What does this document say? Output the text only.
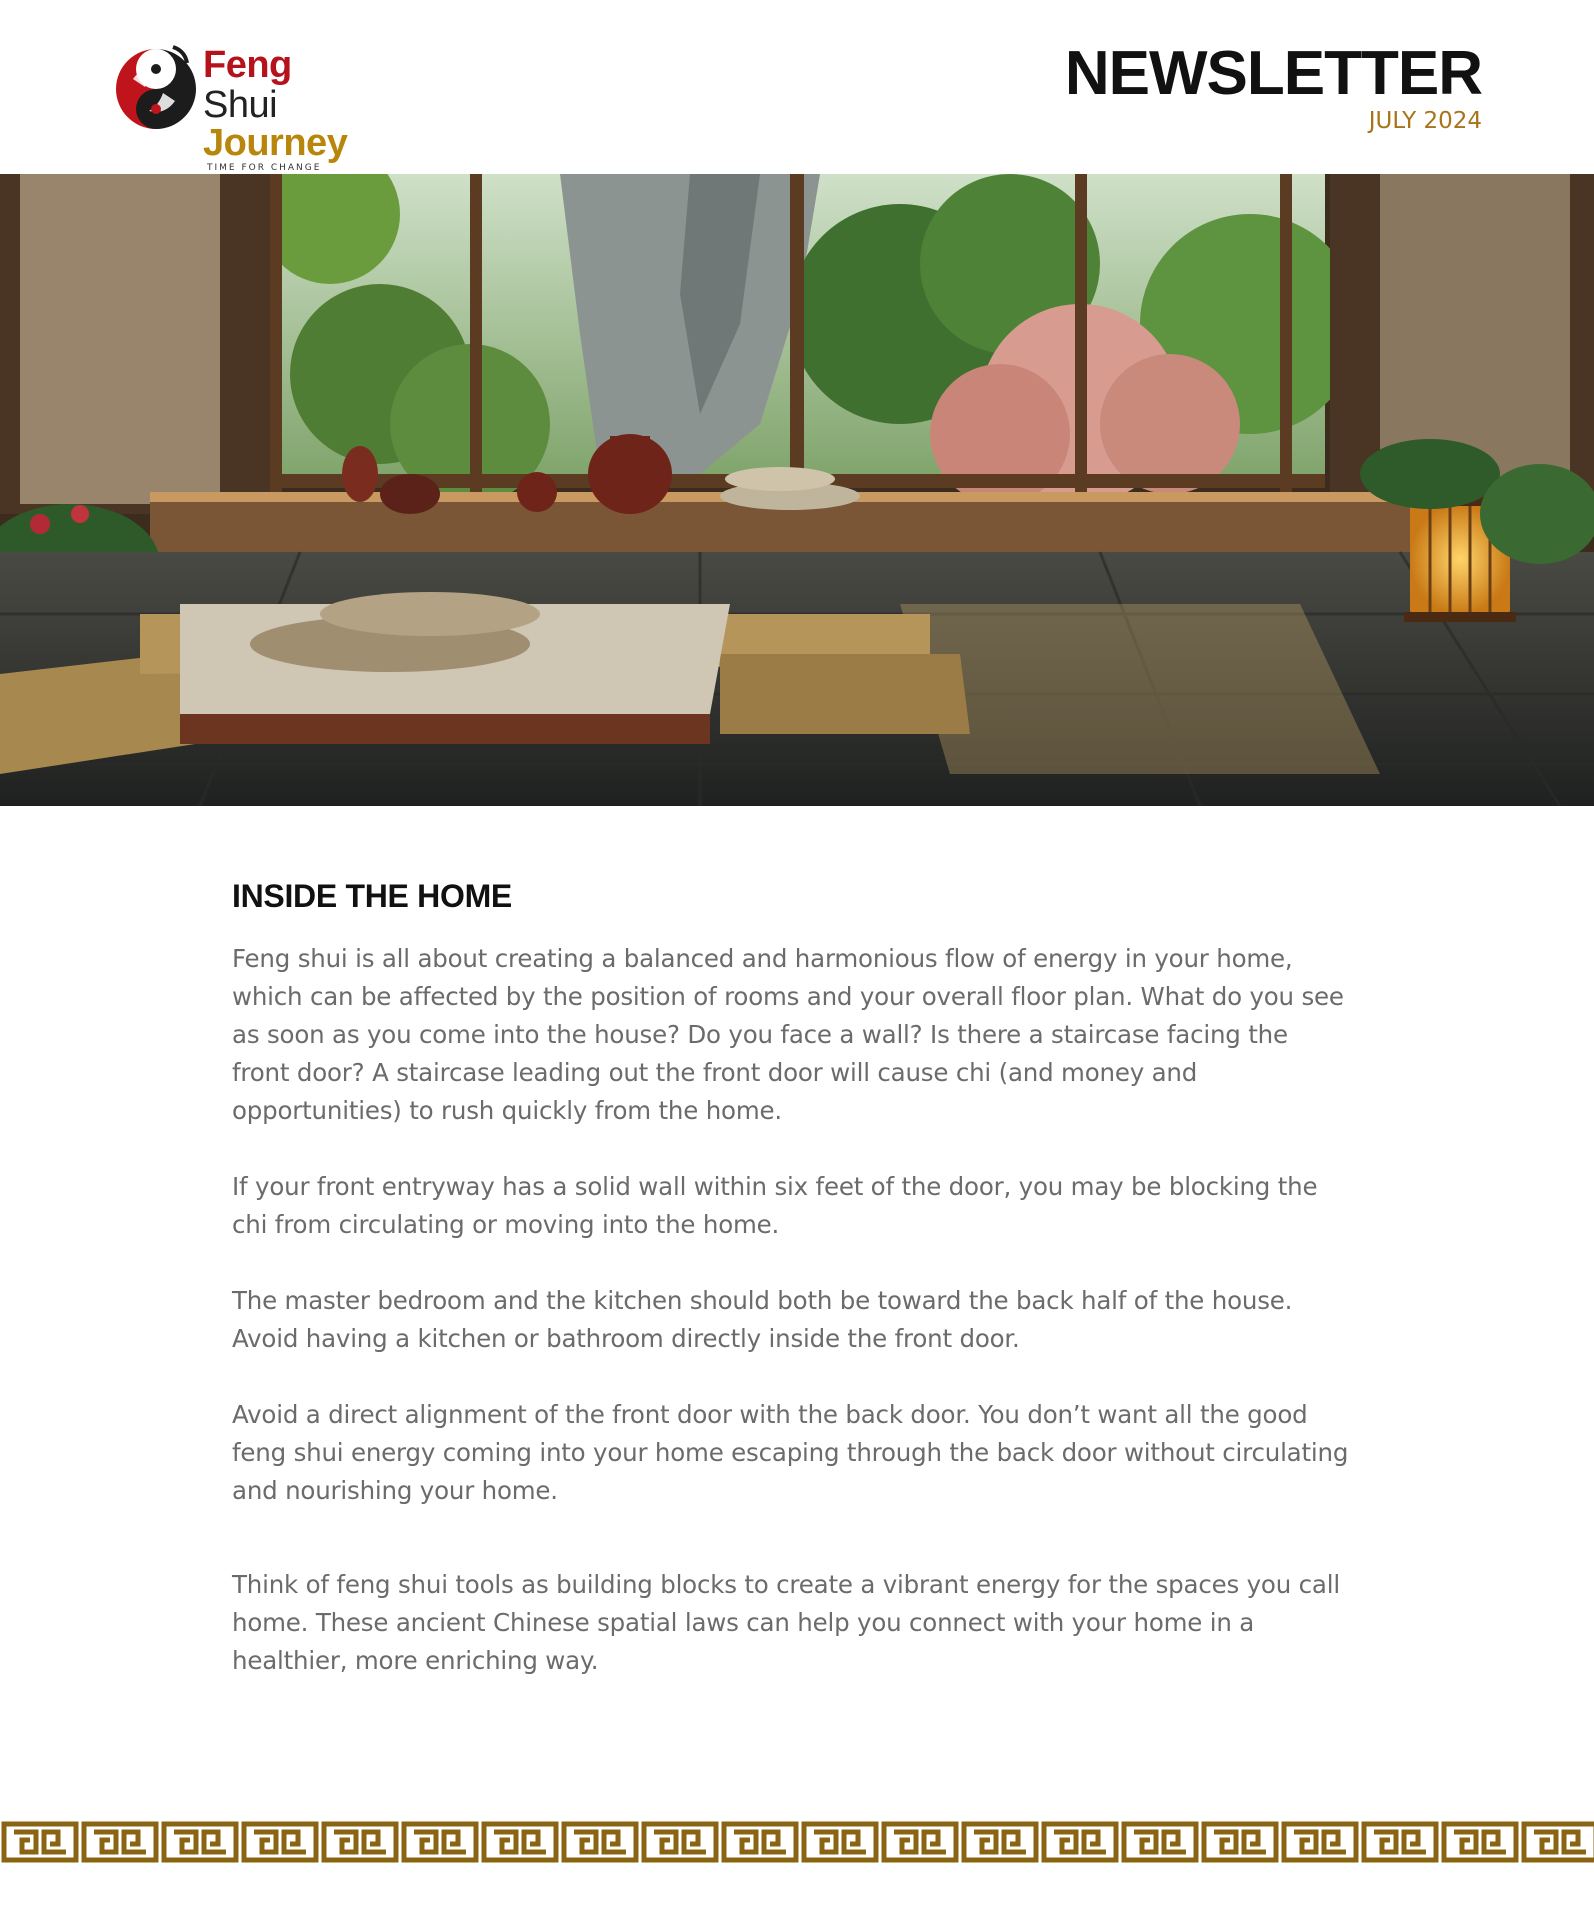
Feng Shui
Journey
TIME FOR CHANGE
NEWSLETTER
JULY 2024
INSIDE THE HOME

Feng shui is all about creating a balanced and harmonious flow of energy in your home, which can be affected by the position of rooms and your overall floor plan. What do you see as soon as you come into the house? Do you face a wall? Is there a staircase facing the front door? A staircase leading out the front door will cause chi (and money and opportunities) to rush quickly from the home.

If your front entryway has a solid wall within six feet of the door, you may be blocking the chi from circulating or moving into the home.

The master bedroom and the kitchen should both be toward the back half of the house. Avoid having a kitchen or bathroom directly inside the front door.

Avoid a direct alignment of the front door with the back door. You don’t want all the good feng shui energy coming into your home escaping through the back door without circulating and nourishing your home.

Think of feng shui tools as building blocks to create a vibrant energy for the spaces you call home. These ancient Chinese spatial laws can help you connect with your home in a healthier, more enriching way.
